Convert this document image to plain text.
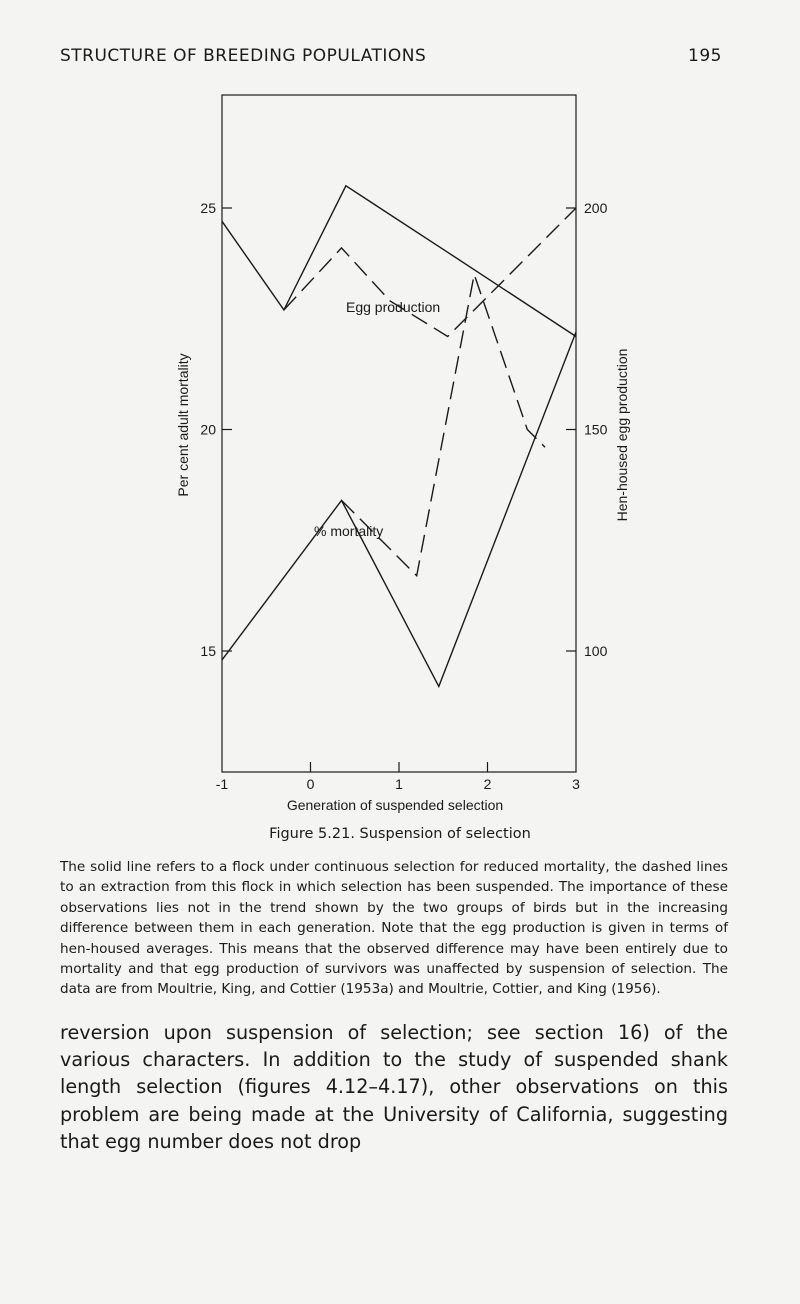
STRUCTURE OF BREEDING POPULATIONS	195
25
20
15
200
150
100
-1	0	1	2	3
Egg production
% mortality
Per cent adult mortality	Hen-housed egg production
Generation of suspended selection
Figure 5.21. Suspension of selection
The solid line refers to a flock under continuous selection for reduced mortality, the dashed lines to an extraction from this flock in which selection has been suspended. The importance of these observations lies not in the trend shown by the two groups of birds but in the increasing difference between them in each generation. Note that the egg production is given in terms of hen-housed averages. This means that the observed difference may have been entirely due to mortality and that egg production of survivors was unaffected by suspension of selection. The data are from Moultrie, King, and Cottier (1953a) and Moultrie, Cottier, and King (1956).
reversion upon suspension of selection; see section 16) of the various characters. In addition to the study of suspended shank length selection (figures 4.12–4.17), other observations on this problem are being made at the University of California, suggesting that egg number does not drop
